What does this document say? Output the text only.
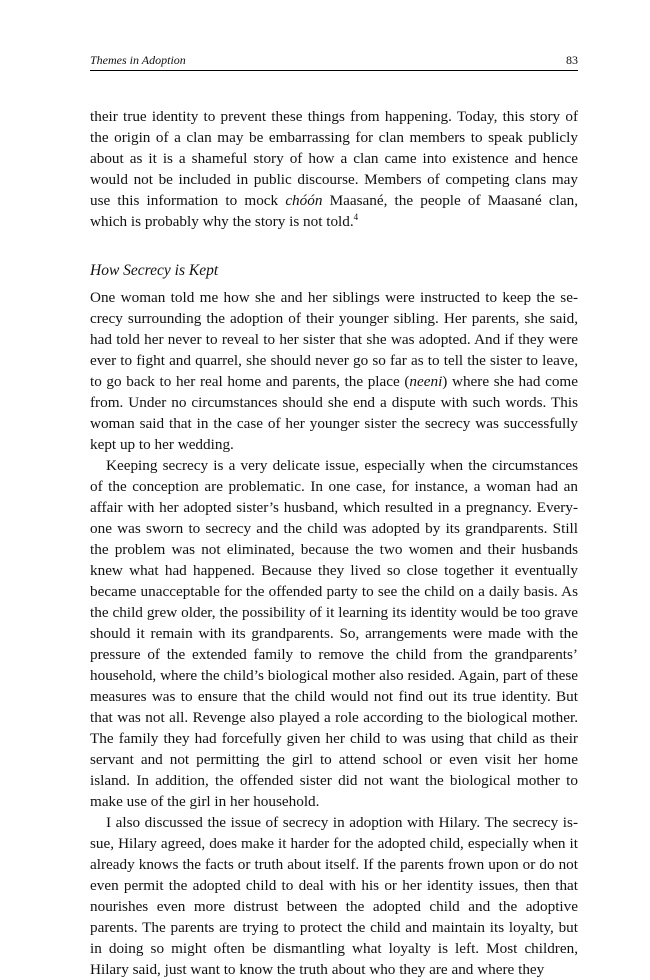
Themes in Adoption	83

their true identity to prevent these things from happening. Today, this story of the origin of a clan may be embarrassing for clan members to speak publicly about as it is a shameful story of how a clan came into existence and hence would not be included in public discourse. Members of competing clans may use this information to mock chóón Maasané, the people of Maasané clan, which is probably why the story is not told.$^4$

How Secrecy is Kept

One woman told me how she and her siblings were instructed to keep the secrecy surrounding the adoption of their younger sibling. Her parents, she said, had told her never to reveal to her sister that she was adopted. And if they were ever to fight and quarrel, she should never go so far as to tell the sister to leave, to go back to her real home and parents, the place (neeni) where she had come from. Under no circumstances should she end a dispute with such words. This woman said that in the case of her younger sister the secrecy was successfully kept up to her wedding.

Keeping secrecy is a very delicate issue, especially when the circumstances of the conception are problematic. In one case, for instance, a woman had an affair with her adopted sister’s husband, which resulted in a pregnancy. Everyone was sworn to secrecy and the child was adopted by its grandparents. Still the problem was not eliminated, because the two women and their husbands knew what had happened. Because they lived so close together it eventually became unacceptable for the offended party to see the child on a daily basis. As the child grew older, the possibility of it learning its identity would be too grave should it remain with its grandparents. So, arrangements were made with the pressure of the extended family to remove the child from the grandparents’ household, where the child’s biological mother also resided. Again, part of these measures was to ensure that the child would not find out its true identity. But that was not all. Revenge also played a role according to the biological mother. The family they had forcefully given her child to was using that child as their servant and not permitting the girl to attend school or even visit her home island. In addition, the offended sister did not want the biological mother to make use of the girl in her household.

I also discussed the issue of secrecy in adoption with Hilary. The secrecy issue, Hilary agreed, does make it harder for the adopted child, especially when it already knows the facts or truth about itself. If the parents frown upon or do not even permit the adopted child to deal with his or her identity issues, then that nourishes even more distrust between the adopted child and the adoptive parents. The parents are trying to protect the child and maintain its loyalty, but in doing so might often be dismantling what loyalty is left. Most children, Hilary said, just want to know the truth about who they are and where they
